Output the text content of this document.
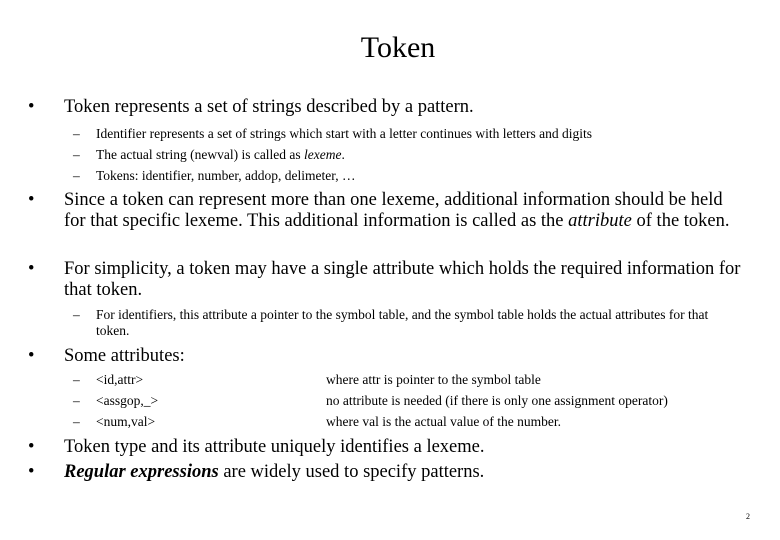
Token
•	Token represents a set of strings described by a pattern.
–	Identifier represents a set of strings which start with a letter continues with letters and digits
–	The actual string (newval) is called as lexeme.
–	Tokens: identifier, number, addop, delimeter, …
•	Since a token can represent more than one lexeme, additional information should be held for that specific lexeme. This additional information is called as the attribute of the token.
•	For simplicity, a token may have a single attribute which holds the required information for that token.
–	For identifiers, this attribute a pointer to the symbol table, and the symbol table holds the actual attributes for that token.
•	Some attributes:
–	<id,attr>	where attr is pointer to the symbol table
–	<assgop,_>	no attribute is needed (if there is only one assignment operator)
–	<num,val>	where val is the actual value of the number.
•	Token type and its attribute uniquely identifies a lexeme.
•	Regular expressions are widely used to specify patterns.
2
